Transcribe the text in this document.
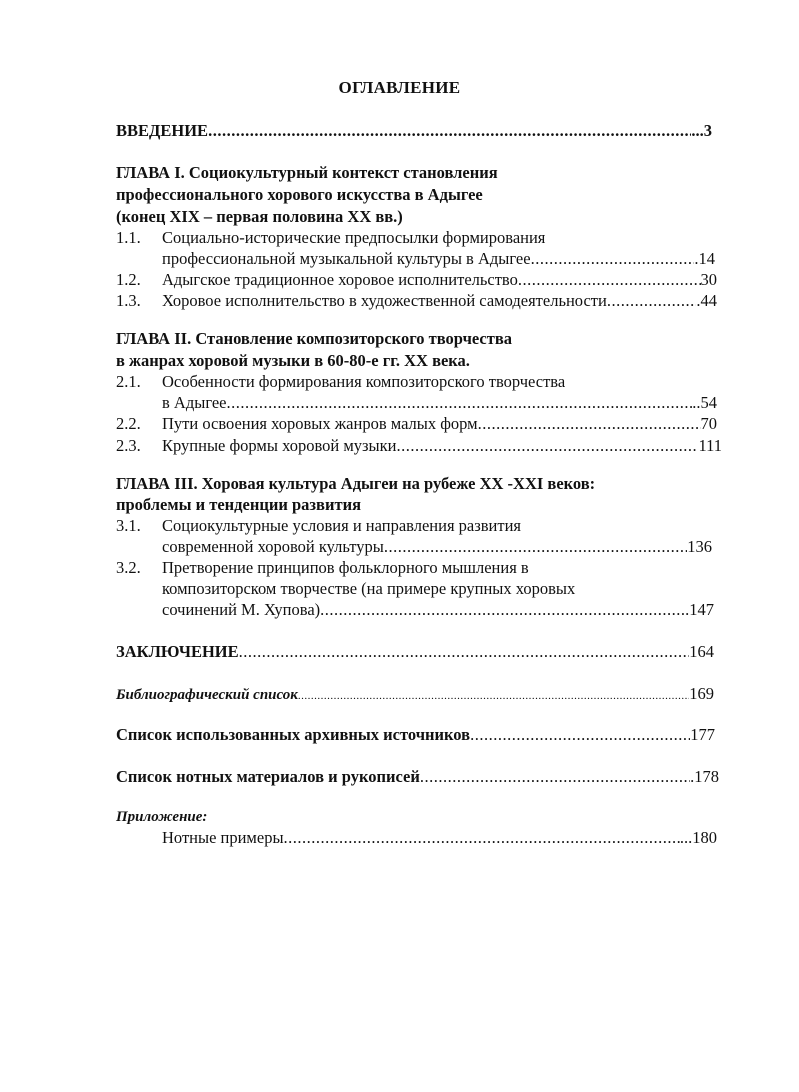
ОГЛАВЛЕНИЕ
ВВЕДЕНИЕ .....	...3
ГЛАВА I. Социокультурный контекст становления
профессионального хорового искусства в Адыгее
(конец XIX – первая половина XX вв.)
1.1. Социально-исторические предпосылки формирования
профессиональной музыкальной культуры в Адыгее .....	.14
1.2. Адыгское традиционное хоровое исполнительство .....	30
1.3. Хоровое исполнительство в художественной самодеятельности .....	.44
ГЛАВА II. Становление композиторского творчества
в жанрах хоровой музыки в 60-80-е гг. XX века.
2.1. Особенности формирования композиторского творчества
в Адыгее .....	..54
2.2. Пути освоения хоровых жанров малых форм .....	70
2.3. Крупные формы хоровой музыки .....	111
ГЛАВА III. Хоровая культура Адыгеи на рубеже XX -XXI веков:
проблемы и тенденции развития
3.1. Социокультурные условия и направления развития
современной хоровой культуры .....	136
3.2. Претворение принципов фольклорного мышления в
композиторском творчестве (на примере крупных хоровых
сочинений М. Хупова) .....	.147
ЗАКЛЮЧЕНИЕ .....	164
Библиографический список .....	169
Список использованных архивных источников .....	177
Список нотных материалов и рукописей .....	.178
Приложение:
Нотные примеры .....	...180
